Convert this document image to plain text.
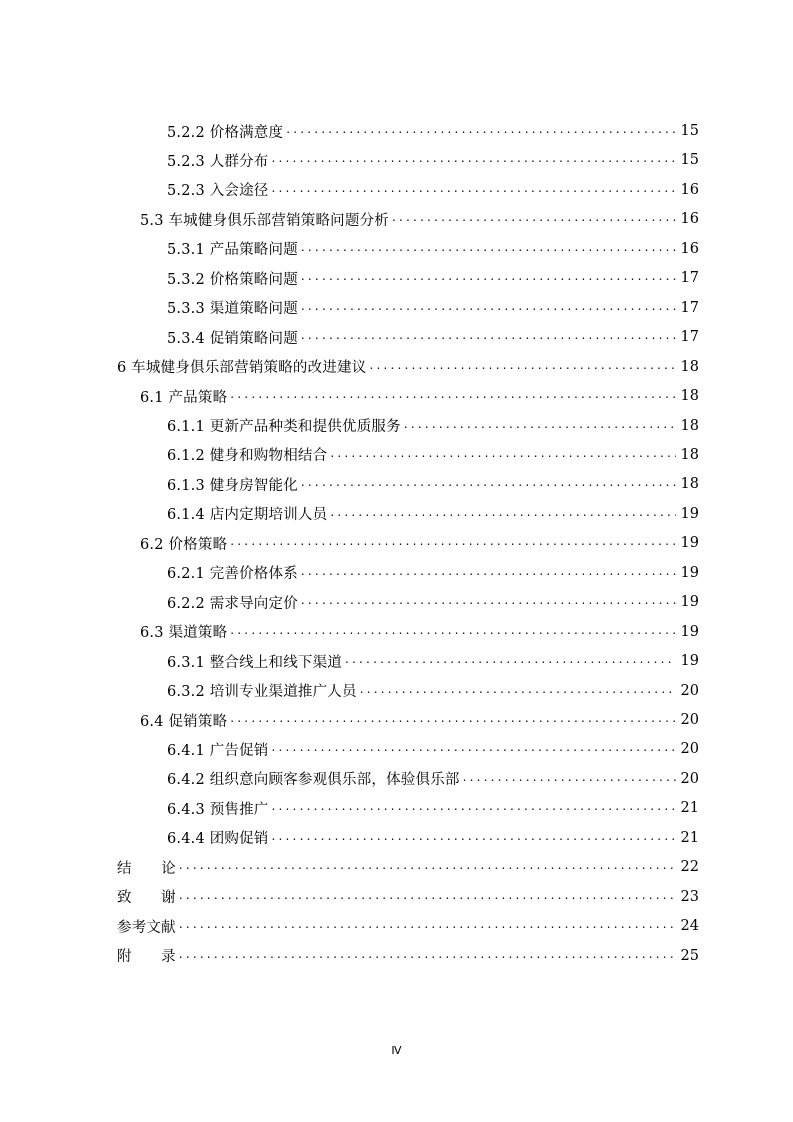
5.2.2 价格满意度 .....	15
5.2.3 人群分布 .....	15
5.2.3 入会途径 .....	16
5.3 车城健身俱乐部营销策略问题分析 .....	16
5.3.1 产品策略问题 .....	16
5.3.2 价格策略问题 .....	17
5.3.3 渠道策略问题 .....	17
5.3.4 促销策略问题 .....	17
6 车城健身俱乐部营销策略的改进建议 .....	18
6.1 产品策略 .....	18
6.1.1 更新产品种类和提供优质服务 .....	18
6.1.2 健身和购物相结合 .....	18
6.1.3 健身房智能化 .....	18
6.1.4 店内定期培训人员 .....	19
6.2 价格策略 .....	19
6.2.1 完善价格体系 .....	19
6.2.2 需求导向定价 .....	19
6.3 渠道策略 .....	19
6.3.1 整合线上和线下渠道 .....	19
6.3.2 培训专业渠道推广人员 .....	20
6.4 促销策略 .....	20
6.4.1 广告促销 .....	20
6.4.2 组织意向顾客参观俱乐部，体验俱乐部 .....	20
6.4.3 预售推广 .....	21
6.4.4 团购促销 .....	21
结　　论 .....	22
致　　谢 .....	23
参考文献 .....	24
附　　录 .....	25
Ⅳ
